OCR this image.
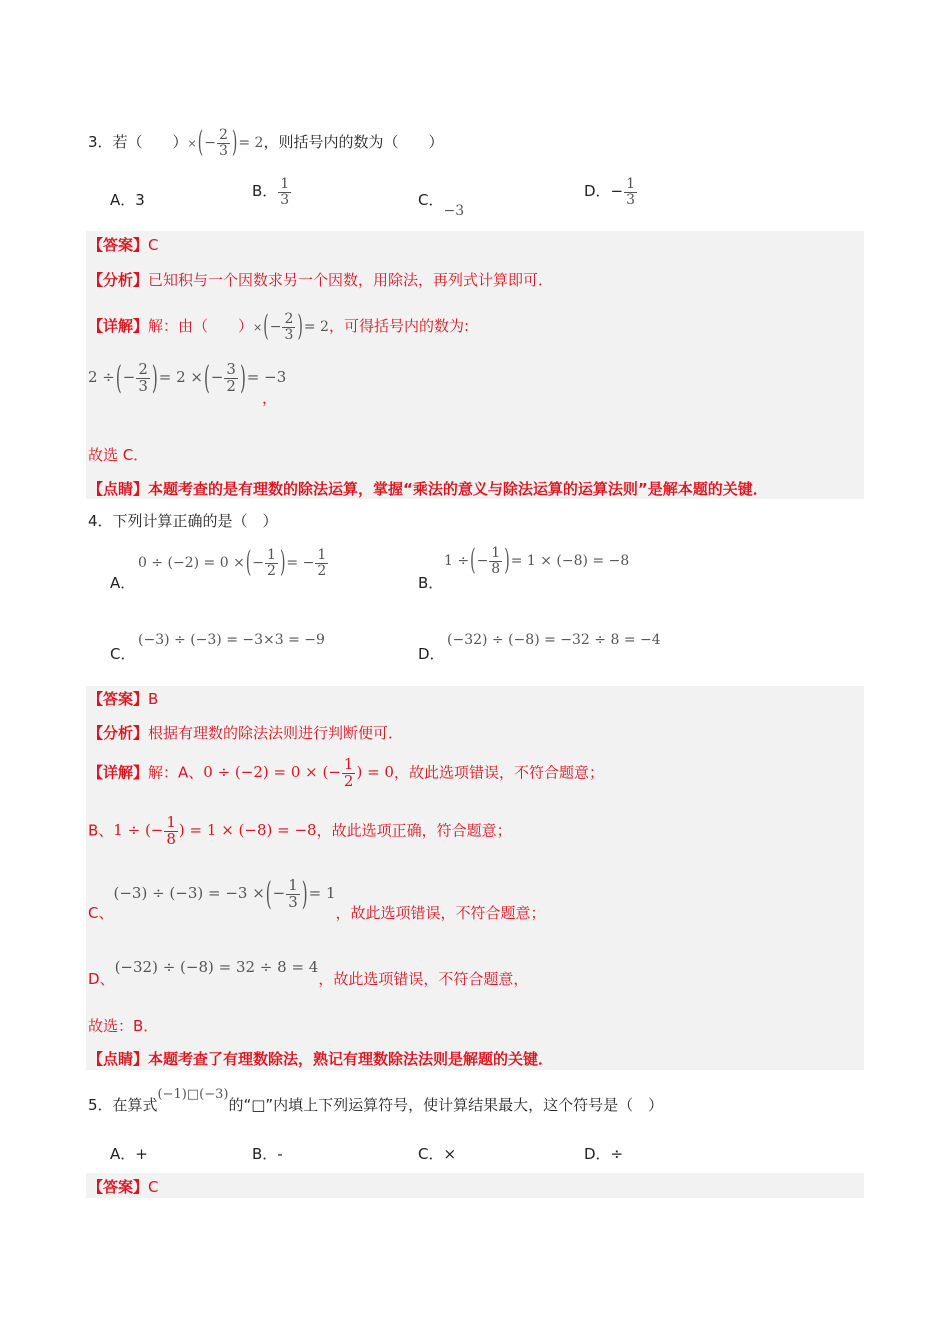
3．若（　　）×(− $\frac{2}{3}$ )= 2，则括号内的数为（　　）
A．3	B． $\frac{1}{3}$	C．−3
D．− $\frac{1}{3}$
【答案】C
【分析】已知积与一个因数求另一个因数，用除法，再列式计算即可．
【详解】解：由（　　）×(− $\frac{2}{3}$ )= 2，可得括号内的数为:
2 ÷(− $\frac{2}{3}$ )= 2 ×(− $\frac{3}{2}$ )= −3
，
故选 C．
【点睛】本题考查的是有理数的除法运算，掌握“乘法的意义与除法运算的运算法则”是解本题的关键．
4．下列计算正确的是（　）
A．
0 ÷ (−2) = 0 ×(− $\frac{1}{2}$ )= − $\frac{1}{2}$
B．
1 ÷(− $\frac{1}{8}$ )= 1 × (−8) = −8
C．
(−3) ÷ (−3) = −3×3 = −9
D．
(−32) ÷ (−8) = −32 ÷ 8 = −4
【答案】B
【分析】根据有理数的除法法则进行判断便可．
【详解】解：A、0 ÷ (−2) = 0 × (− $\frac{1}{2}$ ) = 0，故此选项错误，不符合题意；
B、1 ÷ (− $\frac{1}{8}$ ) = 1 × (−8) = −8，故此选项正确，符合题意；
C、(−3) ÷ (−3) = −3 ×(− $\frac{1}{3}$ )= 1，故此选项错误，不符合题意；
D、(−32) ÷ (−8) = 32 ÷ 8 = 4，故此选项错误，不符合题意，
故选：B．
【点睛】本题考查了有理数除法，熟记有理数除法法则是解题的关键．
5．在算式(−1)□(−3)的“□”内填上下列运算符号，使计算结果最大，这个符号是（　）
A．+	B．-	C．×	D．÷
【答案】C
